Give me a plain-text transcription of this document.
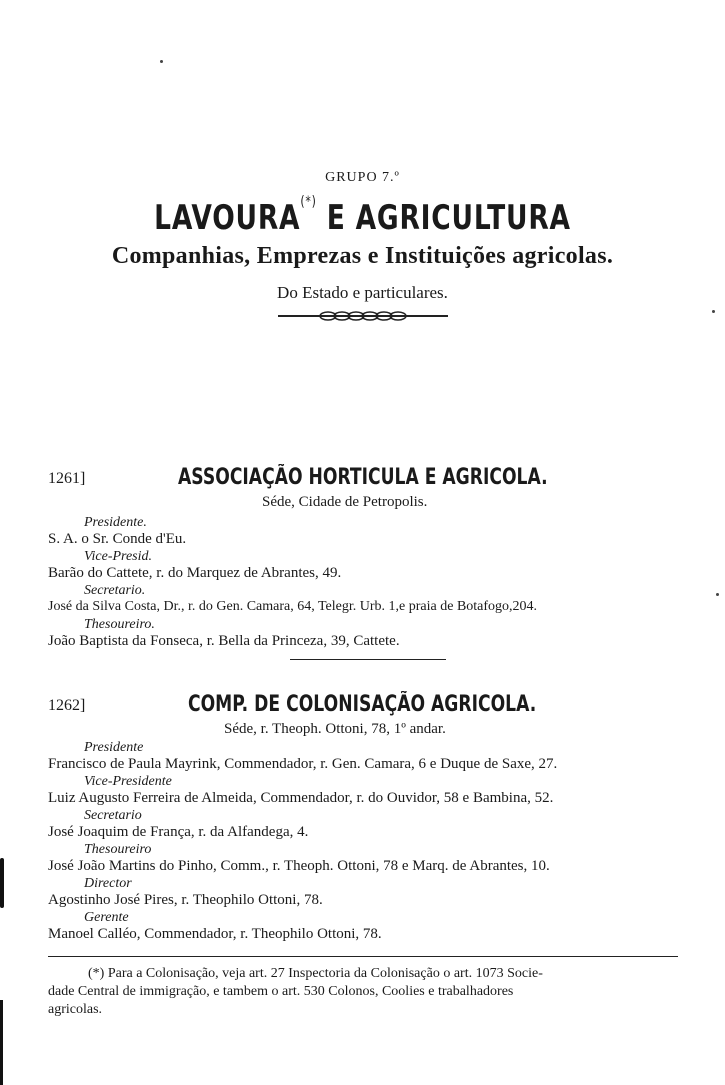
GRUPO 7.º
LAVOURA(*) E AGRICULTURA
Companhias, Emprezas e Instituições agricolas.
Do Estado e particulares.
1261]	ASSOCIAÇÃO HORTICULA E AGRICOLA.
Séde, Cidade de Petropolis.
Presidente.
S. A. o Sr. Conde d'Eu.
Vice-Presid.
Barão do Cattete, r. do Marquez de Abrantes, 49.
Secretario.
José da Silva Costa, Dr., r. do Gen. Camara, 64, Telegr. Urb. 1,e praia de Botafogo,204.
Thesoureiro.
João Baptista da Fonseca, r. Bella da Princeza, 39, Cattete.
1262]	COMP. DE COLONISAÇÃO AGRICOLA.
Séde, r. Theoph. Ottoni, 78, 1º andar.
Presidente
Francisco de Paula Mayrink, Commendador, r. Gen. Camara, 6 e Duque de Saxe, 27.
Vice-Presidente
Luiz Augusto Ferreira de Almeida, Commendador, r. do Ouvidor, 58 e Bambina, 52.
Secretario
José Joaquim de França, r. da Alfandega, 4.
Thesoureiro
José João Martins do Pinho, Comm., r. Theoph. Ottoni, 78 e Marq. de Abrantes, 10.
Director
Agostinho José Pires, r. Theophilo Ottoni, 78.
Gerente
Manoel Calléo, Commendador, r. Theophilo Ottoni, 78.
(*) Para a Colonisação, veja art. 27 Inspectoria da Colonisação o art. 1073 Socie-
dade Central de immigração, e tambem o art. 530 Colonos, Coolies e trabalhadores
agricolas.
